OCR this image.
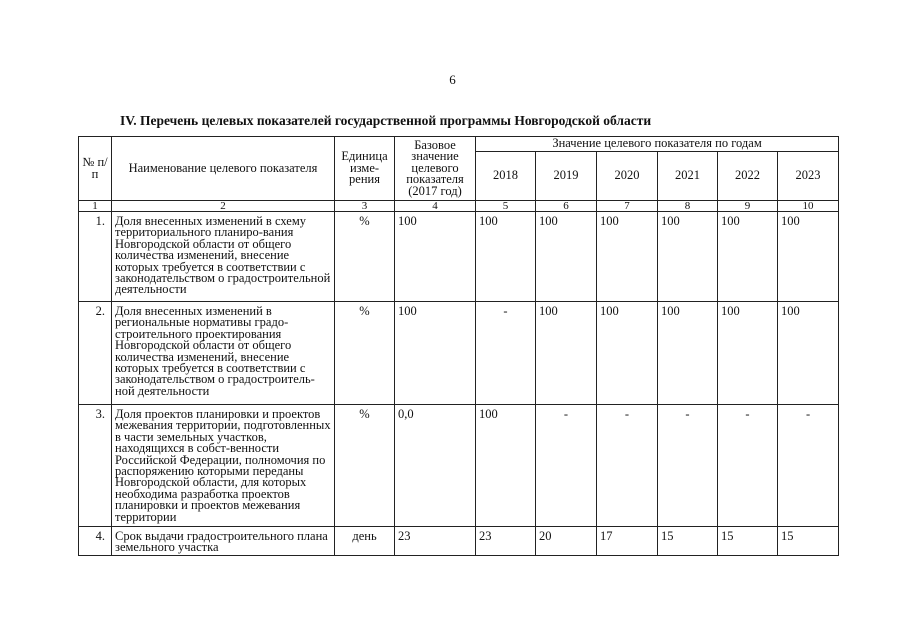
6
IV. Перечень целевых показателей государственной программы Новгородской области
№ п/п	Наименование целевого показателя	Единица изме-рения	Базовое значение целевого показателя (2017 год)	Значение целевого показателя по годам					
				2018	2019	2020	2021	2022	2023
1	2	3	4	5	6	7	8	9	10
1.	Доля внесенных изменений в схему территориального планиро-вания Новгородской области от общего количества изменений, внесение которых требуется в соответствии с законодательством о градостроительной деятельности	%	100	100	100	100	100	100	100
2.	Доля внесенных изменений в региональные нормативы градо-строительного проектирования Новгородской области от общего количества изменений, внесение которых требуется в соответствии с законодательством о градостроитель-ной деятельности	%	100	-	100	100	100	100	100
3.	Доля проектов планировки и проектов межевания территории, подготовленных в части земельных участков, находящихся в собст-венности Российской Федерации, полномочия по распоряжению которыми переданы Новгородской области, для которых необходима разработка проектов планировки и проектов межевания территории	%	0,0	100	-	-	-	-	-
4.	Срок выдачи градостроительного плана земельного участка	день	23	23	20	17	15	15	15
